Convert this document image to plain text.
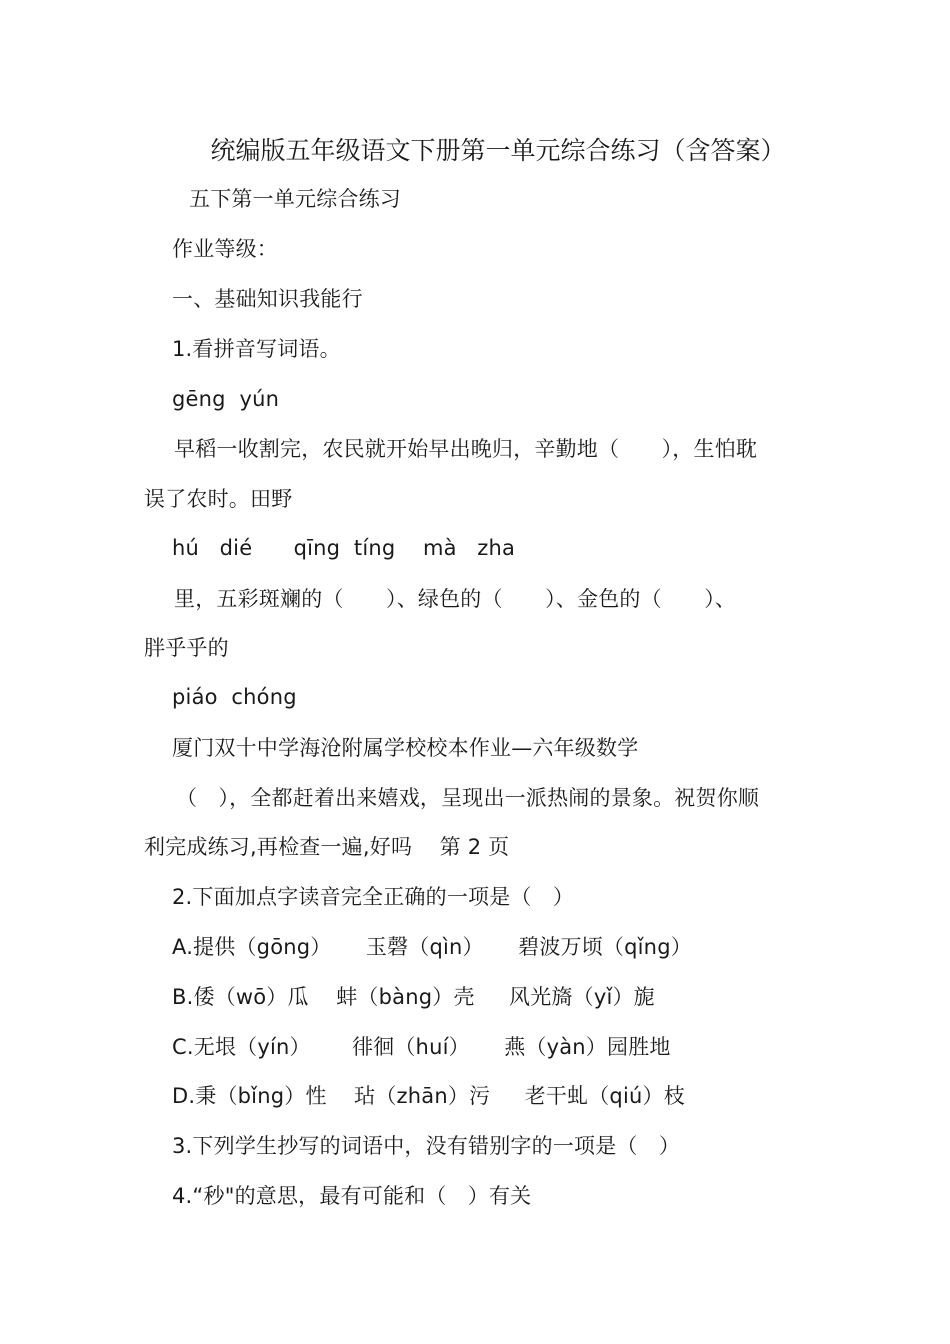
统编版五年级语文下册第一单元综合练习（含答案）
五下第一单元综合练习
作业等级：
一、基础知识我能行
1.看拼音写词语。
gēng  yún
早稻一收割完，农民就开始早出晚归，辛勤地（　　），生怕耽
误了农时。田野
hú   dié      qīng  tíng    mà   zha
里，五彩斑斓的（　　）、绿色的（　　）、金色的（　　）、
胖乎乎的
piáo  chóng
厦门双十中学海沧附属学校校本作业—六年级数学
（　），全都赶着出来嬉戏，呈现出一派热闹的景象。祝贺你顺
利完成练习,再检查一遍,好吗    第 2 页
2.下面加点字读音完全正确的一项是（　）
A.提供（gōng）     玉磬（qìn）     碧波万顷（qǐng）
B.倭（wō）瓜    蚌（bàng）壳     风光旖（yǐ）旎
C.无垠（yín）      徘徊（huí）     燕（yàn）园胜地
D.秉（bǐng）性    玷（zhān）污     老干虬（qiú）枝
3.下列学生抄写的词语中，没有错别字的一项是（　）
4.“秒"的意思，最有可能和（　）有关
